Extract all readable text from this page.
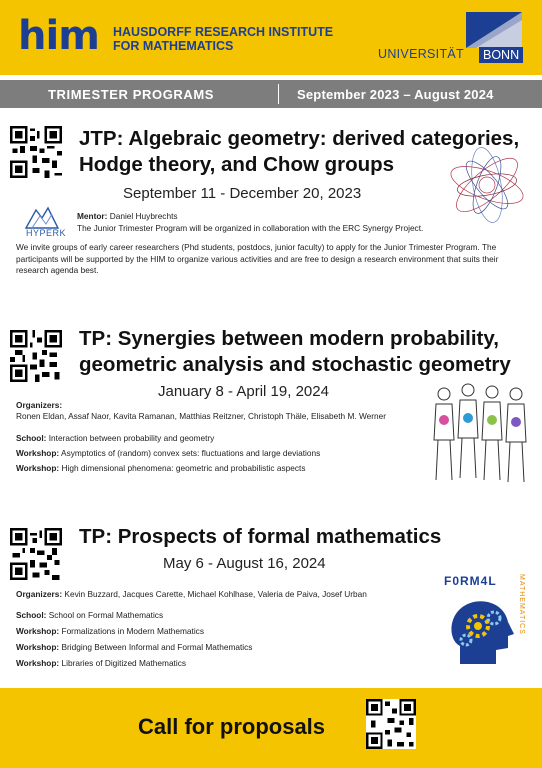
him HAUSDORFF RESEARCH INSTITUTE
FOR MATHEMATICS
UNIVERSITÄT	BONN
TRIMESTER PROGRAMS	September 2023 – August 2024
JTP: Algebraic geometry: derived categories,
Hodge theory, and Chow groups
September 11 - December 20, 2023
HYPERK
Mentor: Daniel Huybrechts
The Junior Trimester Program will be organized in collaboration with the ERC Synergy Project.
We invite groups of early career researchers (Phd students, postdocs, junior faculty) to apply for the Junior Trimester Program. The participants will be supported by the HIM to organize various activities and are free to design a research environment that suits their research agenda best.
TP: Synergies between modern probability,
geometric analysis and stochastic geometry
January 8 - April 19, 2024
Organizers:
Ronen Eldan, Assaf Naor, Kavita Ramanan, Matthias Reitzner, Christoph Thäle, Elisabeth M. Werner
School: Interaction between probability and geometry
Workshop: Asymptotics of (random) convex sets: fluctuations and large deviations
Workshop: High dimensional phenomena: geometric and probabilistic aspects
TP: Prospects of formal mathematics
May 6 - August 16, 2024
Organizers: Kevin Buzzard, Jacques Carette, Michael Kohlhase, Valeria de Paiva, Josef Urban
School: School on Formal Mathematics
Workshop: Formalizations in Modern Mathematics
Workshop: Bridging Between Informal and Formal Mathematics
Workshop: Libraries of Digitized Mathematics
F0RM4L	MATHEMATICS
Call for proposals
